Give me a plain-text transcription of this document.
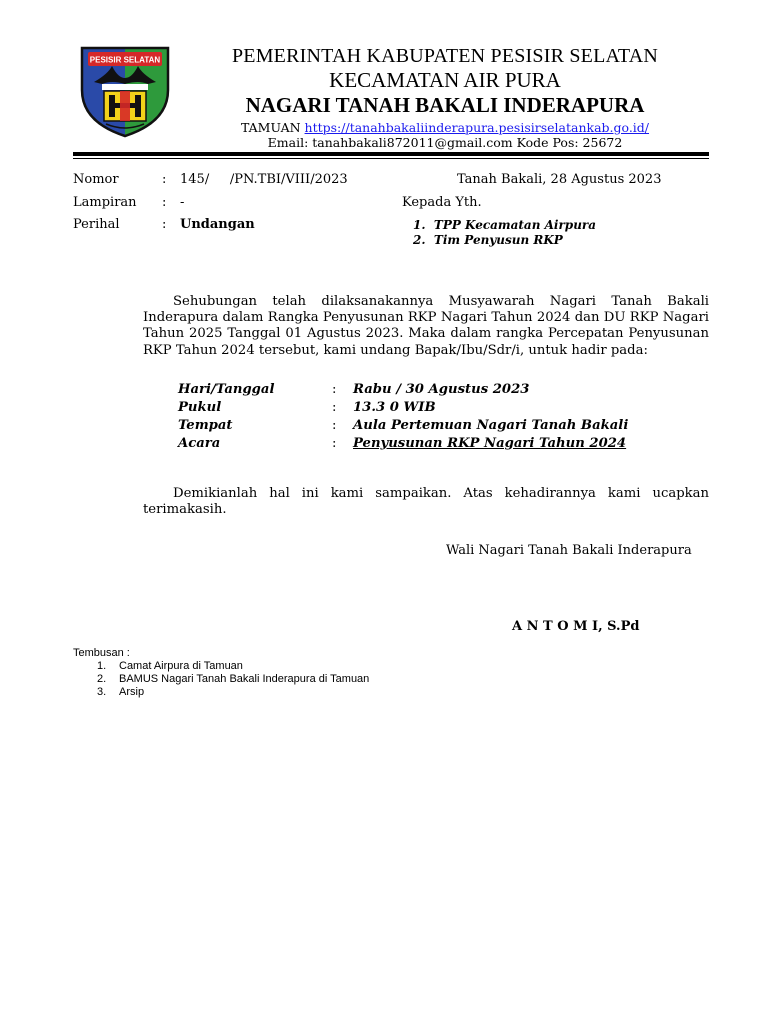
PESISIR SELATAN	PEMERINTAH KABUPATEN PESISIR SELATAN
KECAMATAN AIR PURA
NAGARI TANAH BAKALI INDERAPURA
TAMUAN https://tanahbakaliinderapura.pesisirselatankab.go.id/
Email: tanahbakali872011@gmail.com Kode Pos: 25672
Nomor	: 145/     /PN.TBI/VIII/2023	Tanah Bakali, 28 Agustus 2023
Lampiran : -	Kepada Yth.
Perihal	: Undangan	1.  TPP Kecamatan Airpura
2.  Tim Penyusun RKP
Sehubungan telah dilaksanakannya Musyawarah Nagari Tanah Bakali Inderapura dalam Rangka Penyusunan RKP Nagari Tahun 2024 dan DU RKP Nagari Tahun 2025 Tanggal 01 Agustus 2023. Maka dalam rangka Percepatan Penyusunan RKP Tahun 2024 tersebut, kami undang Bapak/Ibu/Sdr/i, untuk hadir pada:
Hari/Tanggal	: Rabu / 30 Agustus 2023
Pukul	: 13.3 0 WIB
Tempat	: Aula Pertemuan Nagari Tanah Bakali
Acara	: Penyusunan RKP Nagari Tahun 2024
Demikianlah hal ini kami sampaikan. Atas kehadirannya kami ucapkan terimakasih.
Wali Nagari Tanah Bakali Inderapura
A N T O M I, S.Pd
Tembusan :
1. Camat Airpura di Tamuan
2. BAMUS Nagari Tanah Bakali Inderapura di Tamuan
3. Arsip
